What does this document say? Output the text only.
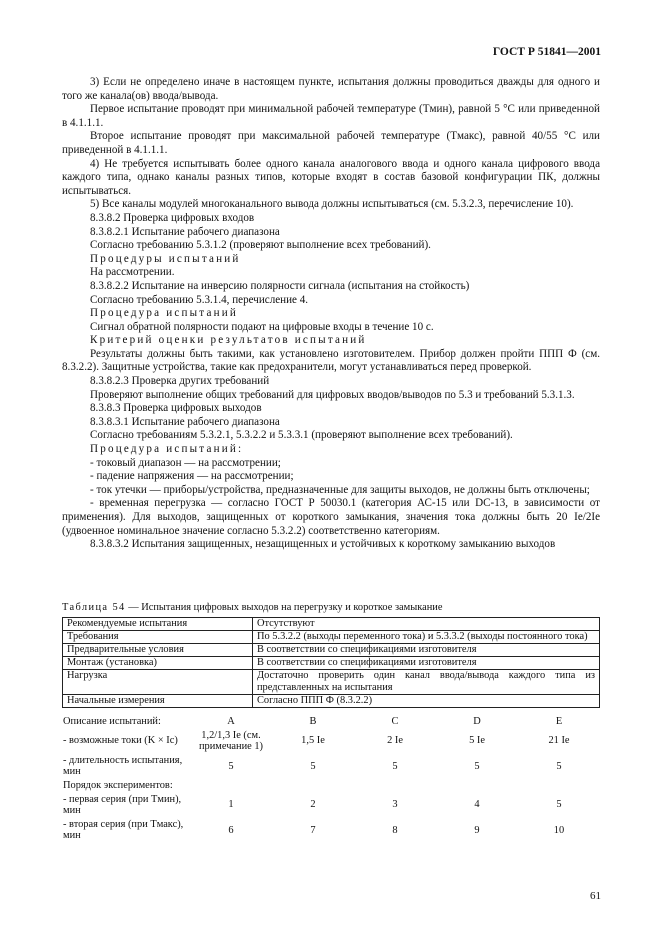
ГОСТ Р 51841—2001

3) Если не определено иначе в настоящем пункте, испытания должны проводиться дважды для одного и того же канала(ов) ввода/вывода.

Первое испытание проводят при минимальной рабочей температуре (Tмин), равной 5 °С или приведенной в 4.1.1.1.

Второе испытание проводят при максимальной рабочей температуре (Tмакс), равной 40/55 °С или приведенной в 4.1.1.1.

4) Не требуется испытывать более одного канала аналогового ввода и одного канала цифрового ввода каждого типа, однако каналы разных типов, которые входят в состав базовой конфигурации ПК, должны испытываться.

5) Все каналы модулей многоканального вывода должны испытываться (см. 5.3.2.3, перечисление 10).

8.3.8.2 Проверка цифровых входов

8.3.8.2.1 Испытание рабочего диапазона

Согласно требованию 5.3.1.2 (проверяют выполнение всех требований).

Процедуры испытаний

На рассмотрении.

8.3.8.2.2 Испытание на инверсию полярности сигнала (испытания на стойкость)

Согласно требованию 5.3.1.4, перечисление 4.

Процедура испытаний

Сигнал обратной полярности подают на цифровые входы в течение 10 с.

Критерий оценки результатов испытаний

Результаты должны быть такими, как установлено изготовителем. Прибор должен пройти ППП Ф (см. 8.3.2.2). Защитные устройства, такие как предохранители, могут устанавливаться перед проверкой.

8.3.8.2.3 Проверка других требований

Проверяют выполнение общих требований для цифровых вводов/выводов по 5.3 и требований 5.3.1.3.

8.3.8.3 Проверка цифровых выходов

8.3.8.3.1 Испытание рабочего диапазона

Согласно требованиям 5.3.2.1, 5.3.2.2 и 5.3.3.1 (проверяют выполнение всех требований).

Процедура испытаний:

- токовый диапазон — на рассмотрении;

- падение напряжения — на рассмотрении;

- ток утечки — приборы/устройства, предназначенные для защиты выходов, не должны быть отключены;

- временная перегрузка — согласно ГОСТ Р 50030.1 (категория АС-15 или DC-13, в зависимости от применения). Для выходов, защищенных от короткого замыкания, значения тока должны быть 20 Ie/2Ie (удвоенное номинальное значение согласно 5.3.2.2) соответственно категориям.

8.3.8.3.2 Испытания защищенных, незащищенных и устойчивых к короткому замыканию выходов

Таблица 54 — Испытания цифровых выходов на перегрузку и короткое замыкание
Рекомендуемые испытания	Отсутствуют
Требования	По 5.3.2.2 (выходы переменного тока) и 5.3.3.2 (выходы постоянного тока)
Предварительные условия	В соответствии со спецификациями изготовителя
Монтаж (установка)	В соответствии со спецификациями изготовителя
Нагрузка	Достаточно проверить один канал ввода/вывода каждого типа из представленных на испытания
Начальные измерения	Согласно ППП Ф (8.3.2.2)
Описание испытаний:	A	B	C	D	E
- возможные токи (K × Ic)	1,2/1,3 Ie (см. примечание 1)	1,5 Ie	2 Ie	5 Ie	21 Ie
- длительность испытания, мин	5	5	5	5	5
Порядок экспериментов:					
- первая серия (при Tмин), мин	1	2	3	4	5
- вторая серия (при Tмакс), мин	6	7	8	9	10
61
